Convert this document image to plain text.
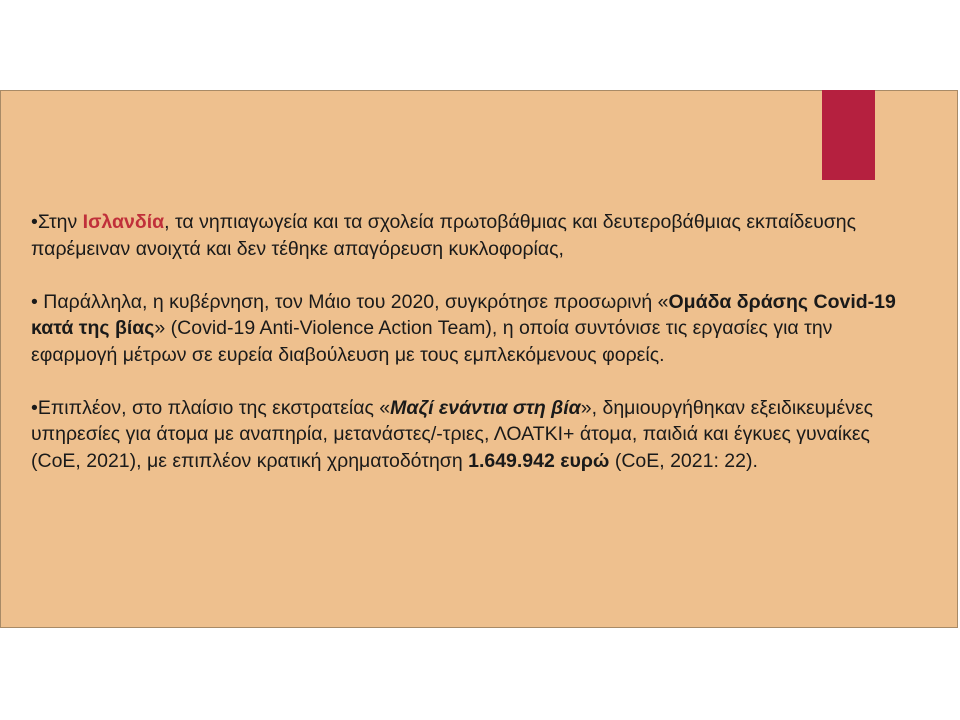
•Στην Ισλανδία, τα νηπιαγωγεία και τα σχολεία πρωτοβάθμιας και δευτεροβάθμιας εκπαίδευσης παρέμειναν ανοιχτά και δεν τέθηκε απαγόρευση κυκλοφορίας,

• Παράλληλα, η κυβέρνηση, τον Μάιο του 2020, συγκρότησε προσωρινή «Ομάδα δράσης Covid-19 κατά της βίας» (Covid-19 Anti-Violence Action Team), η οποία συντόνισε τις εργασίες για την εφαρμογή μέτρων σε ευρεία διαβούλευση με τους εμπλεκόμενους φορείς.

•Επιπλέον, στο πλαίσιο της εκστρατείας «Μαζί ενάντια στη βία», δημιουργήθηκαν εξειδικευμένες υπηρεσίες για άτομα με αναπηρία, μετανάστες/-τριες, ΛΟΑΤΚΙ+ άτομα, παιδιά και έγκυες γυναίκες (CoE, 2021), με επιπλέον κρατική χρηματοδότηση 1.649.942 ευρώ (CoE, 2021: 22).
